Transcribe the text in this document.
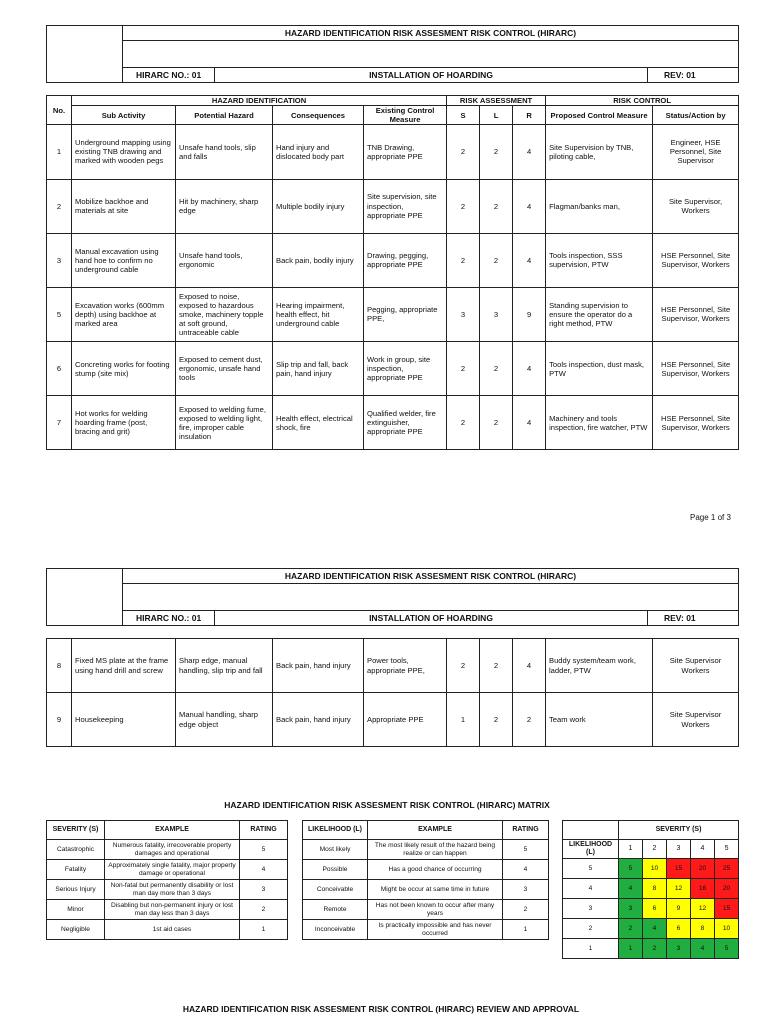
	HAZARD IDENTIFICATION RISK ASSESMENT RISK CONTROL (HIRARC)		

	HIRARC NO.: 01	INSTALLATION OF HOARDING	REV: 01
No.	HAZARD IDENTIFICATION				RISK ASSESSMENT			RISK CONTROL	
	Sub Activity	Potential Hazard	Consequences	Existing Control Measure	S	L	R	Proposed Control Measure	Status/Action by
1	Underground mapping using existing TNB drawing and marked with wooden pegs	Unsafe hand tools, slip and falls	Hand injury and dislocated body part	TNB Drawing, appropriate PPE	2	2	4	Site Supervision by TNB, piloting cable,	Engineer, HSE Personnel, Site Supervisor
2	Mobilize backhoe and materials at site	Hit by machinery, sharp edge	Multiple bodily injury	Site supervision, site inspection, appropriate PPE	2	2	4	Flagman/banks man,	Site Supervisor, Workers
3	Manual excavation using hand hoe to confirm no underground cable	Unsafe hand tools, ergonomic	Back pain, bodily injury	Drawing, pegging, appropriate PPE	2	2	4	Tools inspection, SSS supervision, PTW	HSE Personnel, Site Supervisor, Workers
5	Excavation works (600mm depth) using backhoe at marked area	Exposed to noise, exposed to hazardous smoke, machinery topple at soft ground, untraceable cable	Hearing impairment, health effect, hit underground cable	Pegging, appropriate PPE,	3	3	9	Standing supervision to ensure the operator do a right method, PTW	HSE Personnel, Site Supervisor, Workers
6	Concreting works for footing stump (site mix)	Exposed to cement dust, ergonomic, unsafe hand tools	Slip trip and fall, back pain, hand injury	Work in group, site inspection, appropriate PPE	2	2	4	Tools inspection, dust mask, PTW	HSE Personnel, Site Supervisor, Workers
7	Hot works for welding hoarding frame (post, bracing and grit)	Exposed to welding fume, exposed to welding light, fire, improper cable insulation	Health effect, electrical shock, fire	Qualified welder, fire extinguisher, appropriate PPE	2	2	4	Machinery and tools inspection, fire watcher, PTW	HSE Personnel, Site Supervisor, Workers
Page 1 of 3
	HAZARD IDENTIFICATION RISK ASSESMENT RISK CONTROL (HIRARC)		

	HIRARC NO.: 01	INSTALLATION OF HOARDING	REV: 01
8	Fixed MS plate at the frame using hand drill and screw	Sharp edge, manual handling, slip trip and fall	Back pain, hand injury	Power tools, appropriate PPE,	2	2	4	Buddy system/team work, ladder, PTW	Site Supervisor Workers
9	Housekeeping	Manual handling, sharp edge object	Back pain, hand injury	Appropriate PPE	1	2	2	Team work	Site Supervisor Workers
HAZARD IDENTIFICATION RISK ASSESMENT RISK CONTROL (HIRARC) MATRIX
SEVERITY (S)	EXAMPLE	RATING
Catastrophic	Numerous fatality, irrecoverable property damages and operational	5
Fatality	Approximately single fatality, major property damage or operational	4
Serious Injury	Non-fatal but permanently disability or lost man day more than 3 days	3
Minor	Disabling but non-permanent injury or lost man day less than 3 days	2
Negligible	1st aid cases	1
LIKELIHOOD (L)	EXAMPLE	RATING
Most likely	The most likely result of the hazard being realize or can happen	5
Possible	Has a good chance of occurring	4
Conceivable	Might be occur at same time in future	3
Remote	Has not been known to occur after many years	2
Inconceivable	Is practically impossible and has never occurred	1
	SEVERITY (S)				
LIKELIHOOD (L)	1	2	3	4	5
5	5	10	15	20	25
4	4	8	12	16	20
3	3	6	9	12	15
2	2	4	6	8	10
1	1	2	3	4	5
HAZARD IDENTIFICATION RISK ASSESMENT RISK CONTROL (HIRARC) REVIEW AND APPROVAL
